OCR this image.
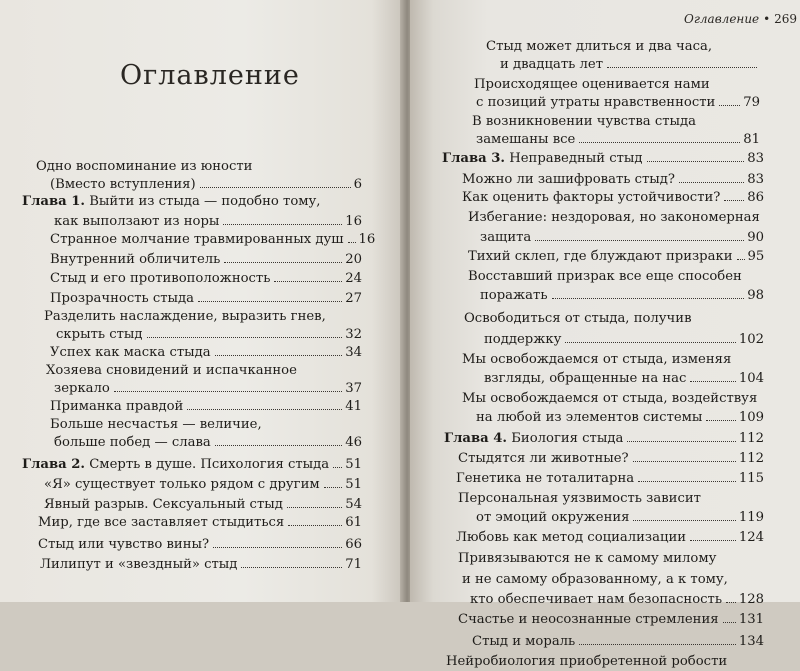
Оглавление
Оглавление • 269
Одно воспоминание из юности
(Вместо вступления)	6
Глава 1. Выйти из стыда — подобно тому,
как выползают из норы	16
Странное молчание травмированных душ 16
Внутренний обличитель	20
Стыд и его противоположность	24
Прозрачность стыда	27
Разделить наслаждение, выразить гнев,
скрыть стыд	32
Успех как маска стыда	34
Хозяева сновидений и испачканное
зеркало	37
Приманка правдой	41
Больше несчастья — величие,
больше побед — слава	46
Глава 2. Смерть в душе. Психология стыда 51
«Я» существует только рядом с другим 51
Явный разрыв. Сексуальный стыд	54
Мир, где все заставляет стыдиться	61
Стыд или чувство вины?	66
Лилипут и «звездный» стыд	71
Стыд может длиться и два часа,
и двадцать лет
Происходящее оценивается нами
с позиций утраты нравственности 79
В возникновении чувства стыда
замешаны все	81
Глава 3. Неправедный стыд	83
Можно ли зашифровать стыд?	83
Как оценить факторы устойчивости? 86
Избегание: нездоровая, но закономерная
защита	90
Тихий склеп, где блуждают призраки 95
Восставший призрак все еще способен
поражать	98
Освободиться от стыда, получив
поддержку	102
Мы освобождаемся от стыда, изменяя
взгляды, обращенные на нас	104
Мы освобождаемся от стыда, воздействуя
на любой из элементов системы	109
Глава 4. Биология стыда	112
Стыдятся ли животные?	112
Генетика не тоталитарна	115
Персональная уязвимость зависит
от эмоций окружения	119
Любовь как метод социализации	124
Привязываются не к самому милому
и не самому образованному, а к тому,
кто обеспечивает нам безопасность 128
Счастье и неосознанные стремления 131
Стыд и мораль	134
Нейробиология приобретенной робости
